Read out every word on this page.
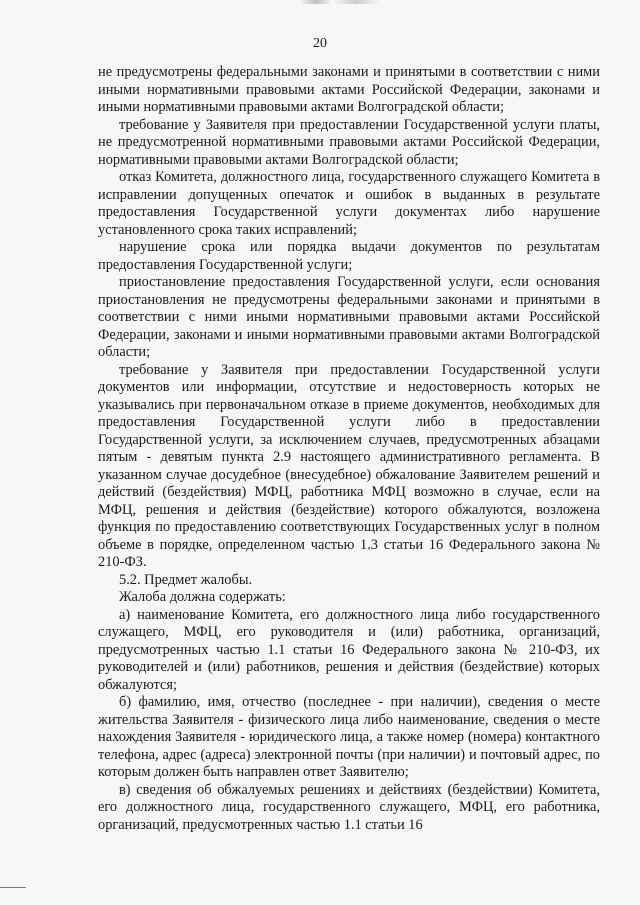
20

не предусмотрены федеральными законами и принятыми в соответствии с ними иными нормативными правовыми актами Российской Федерации, законами и иными нормативными правовыми актами Волгоградской области;

требование у Заявителя при предоставлении Государственной услуги платы, не предусмотренной нормативными правовыми актами Российской Федерации, нормативными правовыми актами Волгоградской области;

отказ Комитета, должностного лица, государственного служащего Комитета в исправлении допущенных опечаток и ошибок в выданных в результате предоставления Государственной услуги документах либо нарушение установленного срока таких исправлений;

нарушение срока или порядка выдачи документов по результатам предоставления Государственной услуги;

приостановление предоставления Государственной услуги, если основания приостановления не предусмотрены федеральными законами и принятыми в соответствии с ними иными нормативными правовыми актами Российской Федерации, законами и иными нормативными правовыми актами Волгоградской области;

требование у Заявителя при предоставлении Государственной услуги документов или информации, отсутствие и недостоверность которых не указывались при первоначальном отказе в приеме документов, необходимых для предоставления Государственной услуги либо в предоставлении Государственной услуги, за исключением случаев, предусмотренных абзацами пятым - девятым пункта 2.9 настоящего административного регламента. В указанном случае досудебное (внесудебное) обжалование Заявителем решений и действий (бездействия) МФЦ, работника МФЦ возможно в случае, если на МФЦ, решения и действия (бездействие) которого обжалуются, возложена функция по предоставлению соответствующих Государственных услуг в полном объеме в порядке, определенном частью 1.3 статьи 16 Федерального закона № 210-ФЗ.

5.2. Предмет жалобы.

Жалоба должна содержать:

а) наименование Комитета, его должностного лица либо государственного служащего, МФЦ, его руководителя и (или) работника, организаций, предусмотренных частью 1.1 статьи 16 Федерального закона № 210-ФЗ, их руководителей и (или) работников, решения и действия (бездействие) которых обжалуются;

б) фамилию, имя, отчество (последнее - при наличии), сведения о месте жительства Заявителя - физического лица либо наименование, сведения о месте нахождения Заявителя - юридического лица, а также номер (номера) контактного телефона, адрес (адреса) электронной почты (при наличии) и почтовый адрес, по которым должен быть направлен ответ Заявителю;

в) сведения об обжалуемых решениях и действиях (бездействии) Комитета, его должностного лица, государственного служащего, МФЦ, его работника, организаций, предусмотренных частью 1.1 статьи 16
